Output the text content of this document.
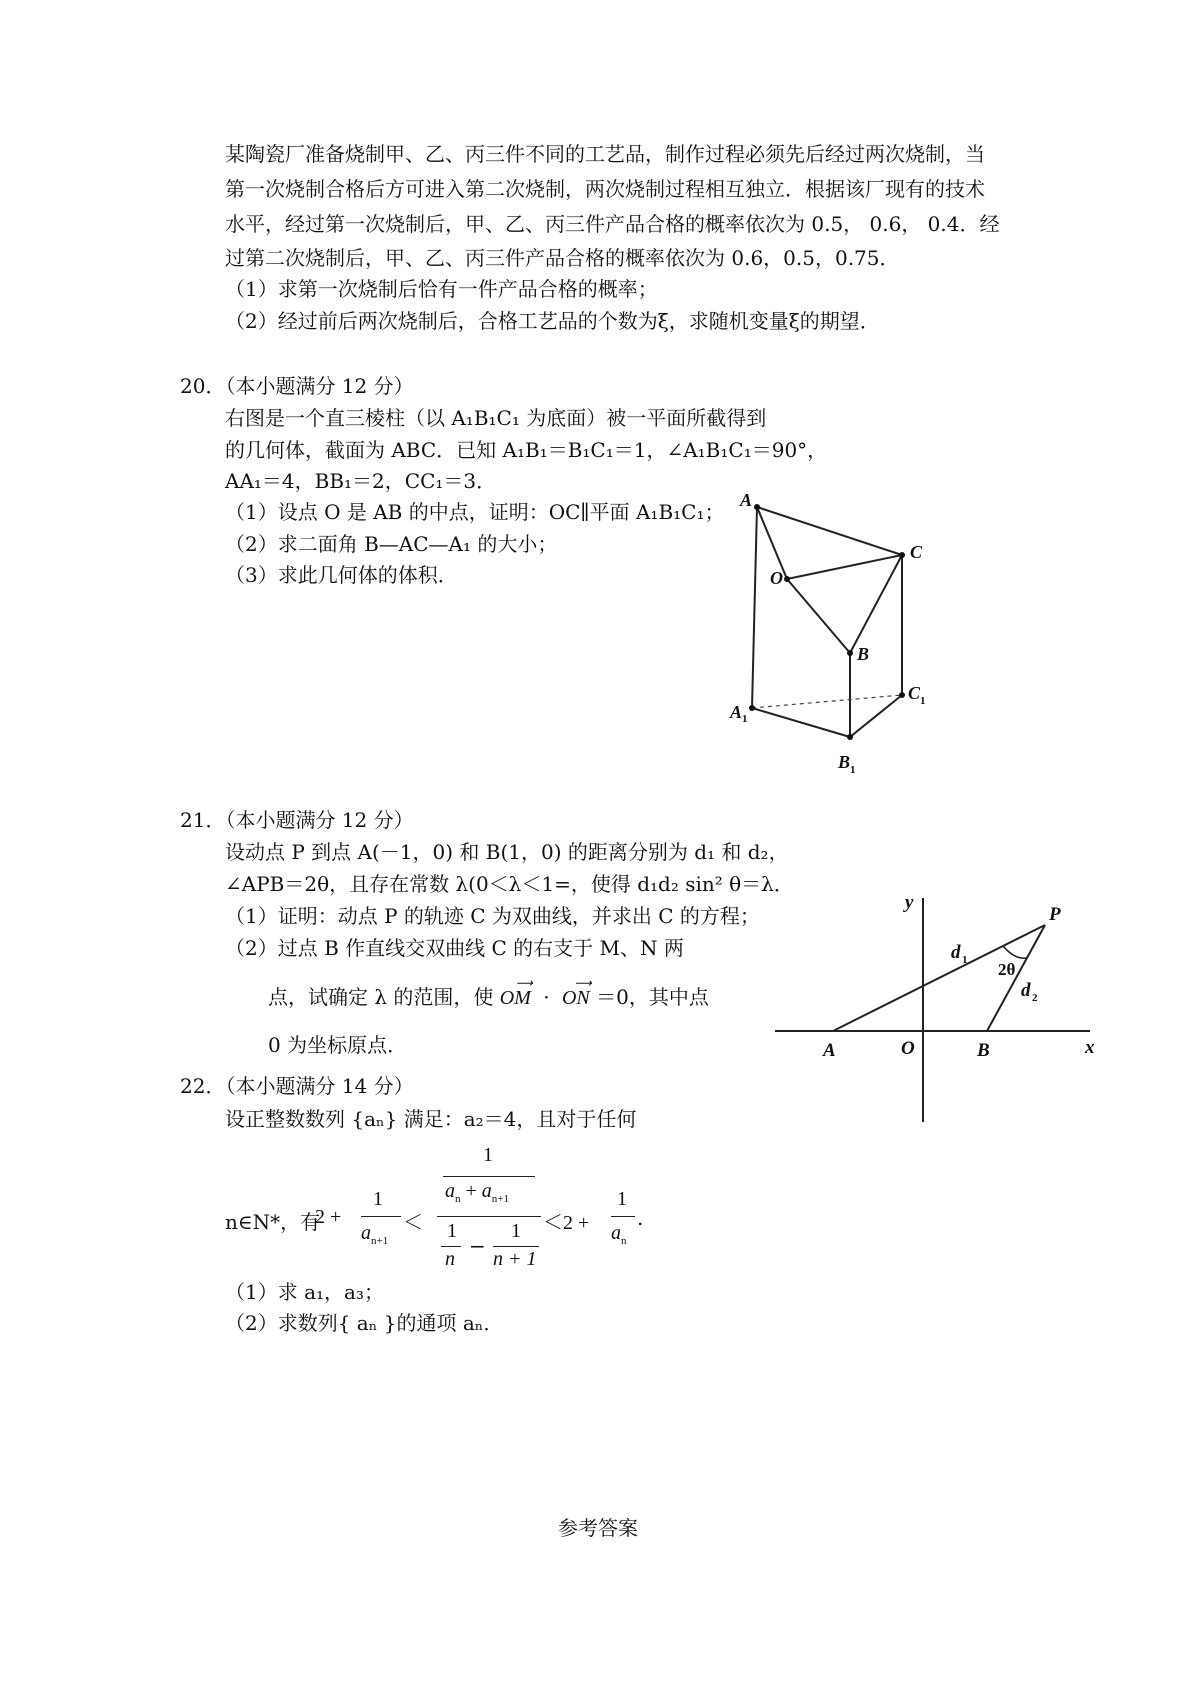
某陶瓷厂准备烧制甲、乙、丙三件不同的工艺品，制作过程必须先后经过两次烧制，当
第一次烧制合格后方可进入第二次烧制，两次烧制过程相互独立．根据该厂现有的技术
水平，经过第一次烧制后，甲、乙、丙三件产品合格的概率依次为 0.5， 0.6， 0.4．经
过第二次烧制后，甲、乙、丙三件产品合格的概率依次为 0.6，0.5，0.75．
（1）求第一次烧制后恰有一件产品合格的概率；
（2）经过前后两次烧制后，合格工艺品的个数为ξ，求随机变量ξ的期望．
20．（本小题满分 12 分）
右图是一个直三棱柱（以 A₁B₁C₁ 为底面）被一平面所截得到
的几何体，截面为 ABC．已知 A₁B₁＝B₁C₁＝1，∠A₁B₁C₁＝90°，
AA₁＝4，BB₁＝2，CC₁＝3．
（1）设点 O 是 AB 的中点，证明：OC∥平面 A₁B₁C₁；
（2）求二面角 B—AC—A₁ 的大小；
（3）求此几何体的体积．
A
C
O
B
A
C
B
1
1
1
21．（本小题满分 12 分）
设动点 P 到点 A(－1，0) 和 B(1，0) 的距离分别为 d₁ 和 d₂，
∠APB＝2θ，且存在常数 λ(0＜λ＜1=，使得 d₁d₂ sin² θ＝λ．
（1）证明：动点 P 的轨迹 C 为双曲线，并求出 C 的方程；
（2）过点 B 作直线交双曲线 C 的右支于 M、N 两
点，试确定 λ 的范围，使
⟶
OM ·
⟶
ON ＝0，其中点
0 为坐标原点．
y
x
P
d
d
A	O	B
1
2
2θ
22．（本小题满分 14 分）
设正整数数列 {aₙ} 满足：a₂＝4，且对于任何
n∈N*，有
2 +
1
$a_{n+1}$
＜
1
$a_n + a_{n+1}$
1
n
−
1
n + 1
＜2 +
1
$a_n$
.
（1）求 a₁，a₃；
（2）求数列{ aₙ }的通项 aₙ．
参考答案
